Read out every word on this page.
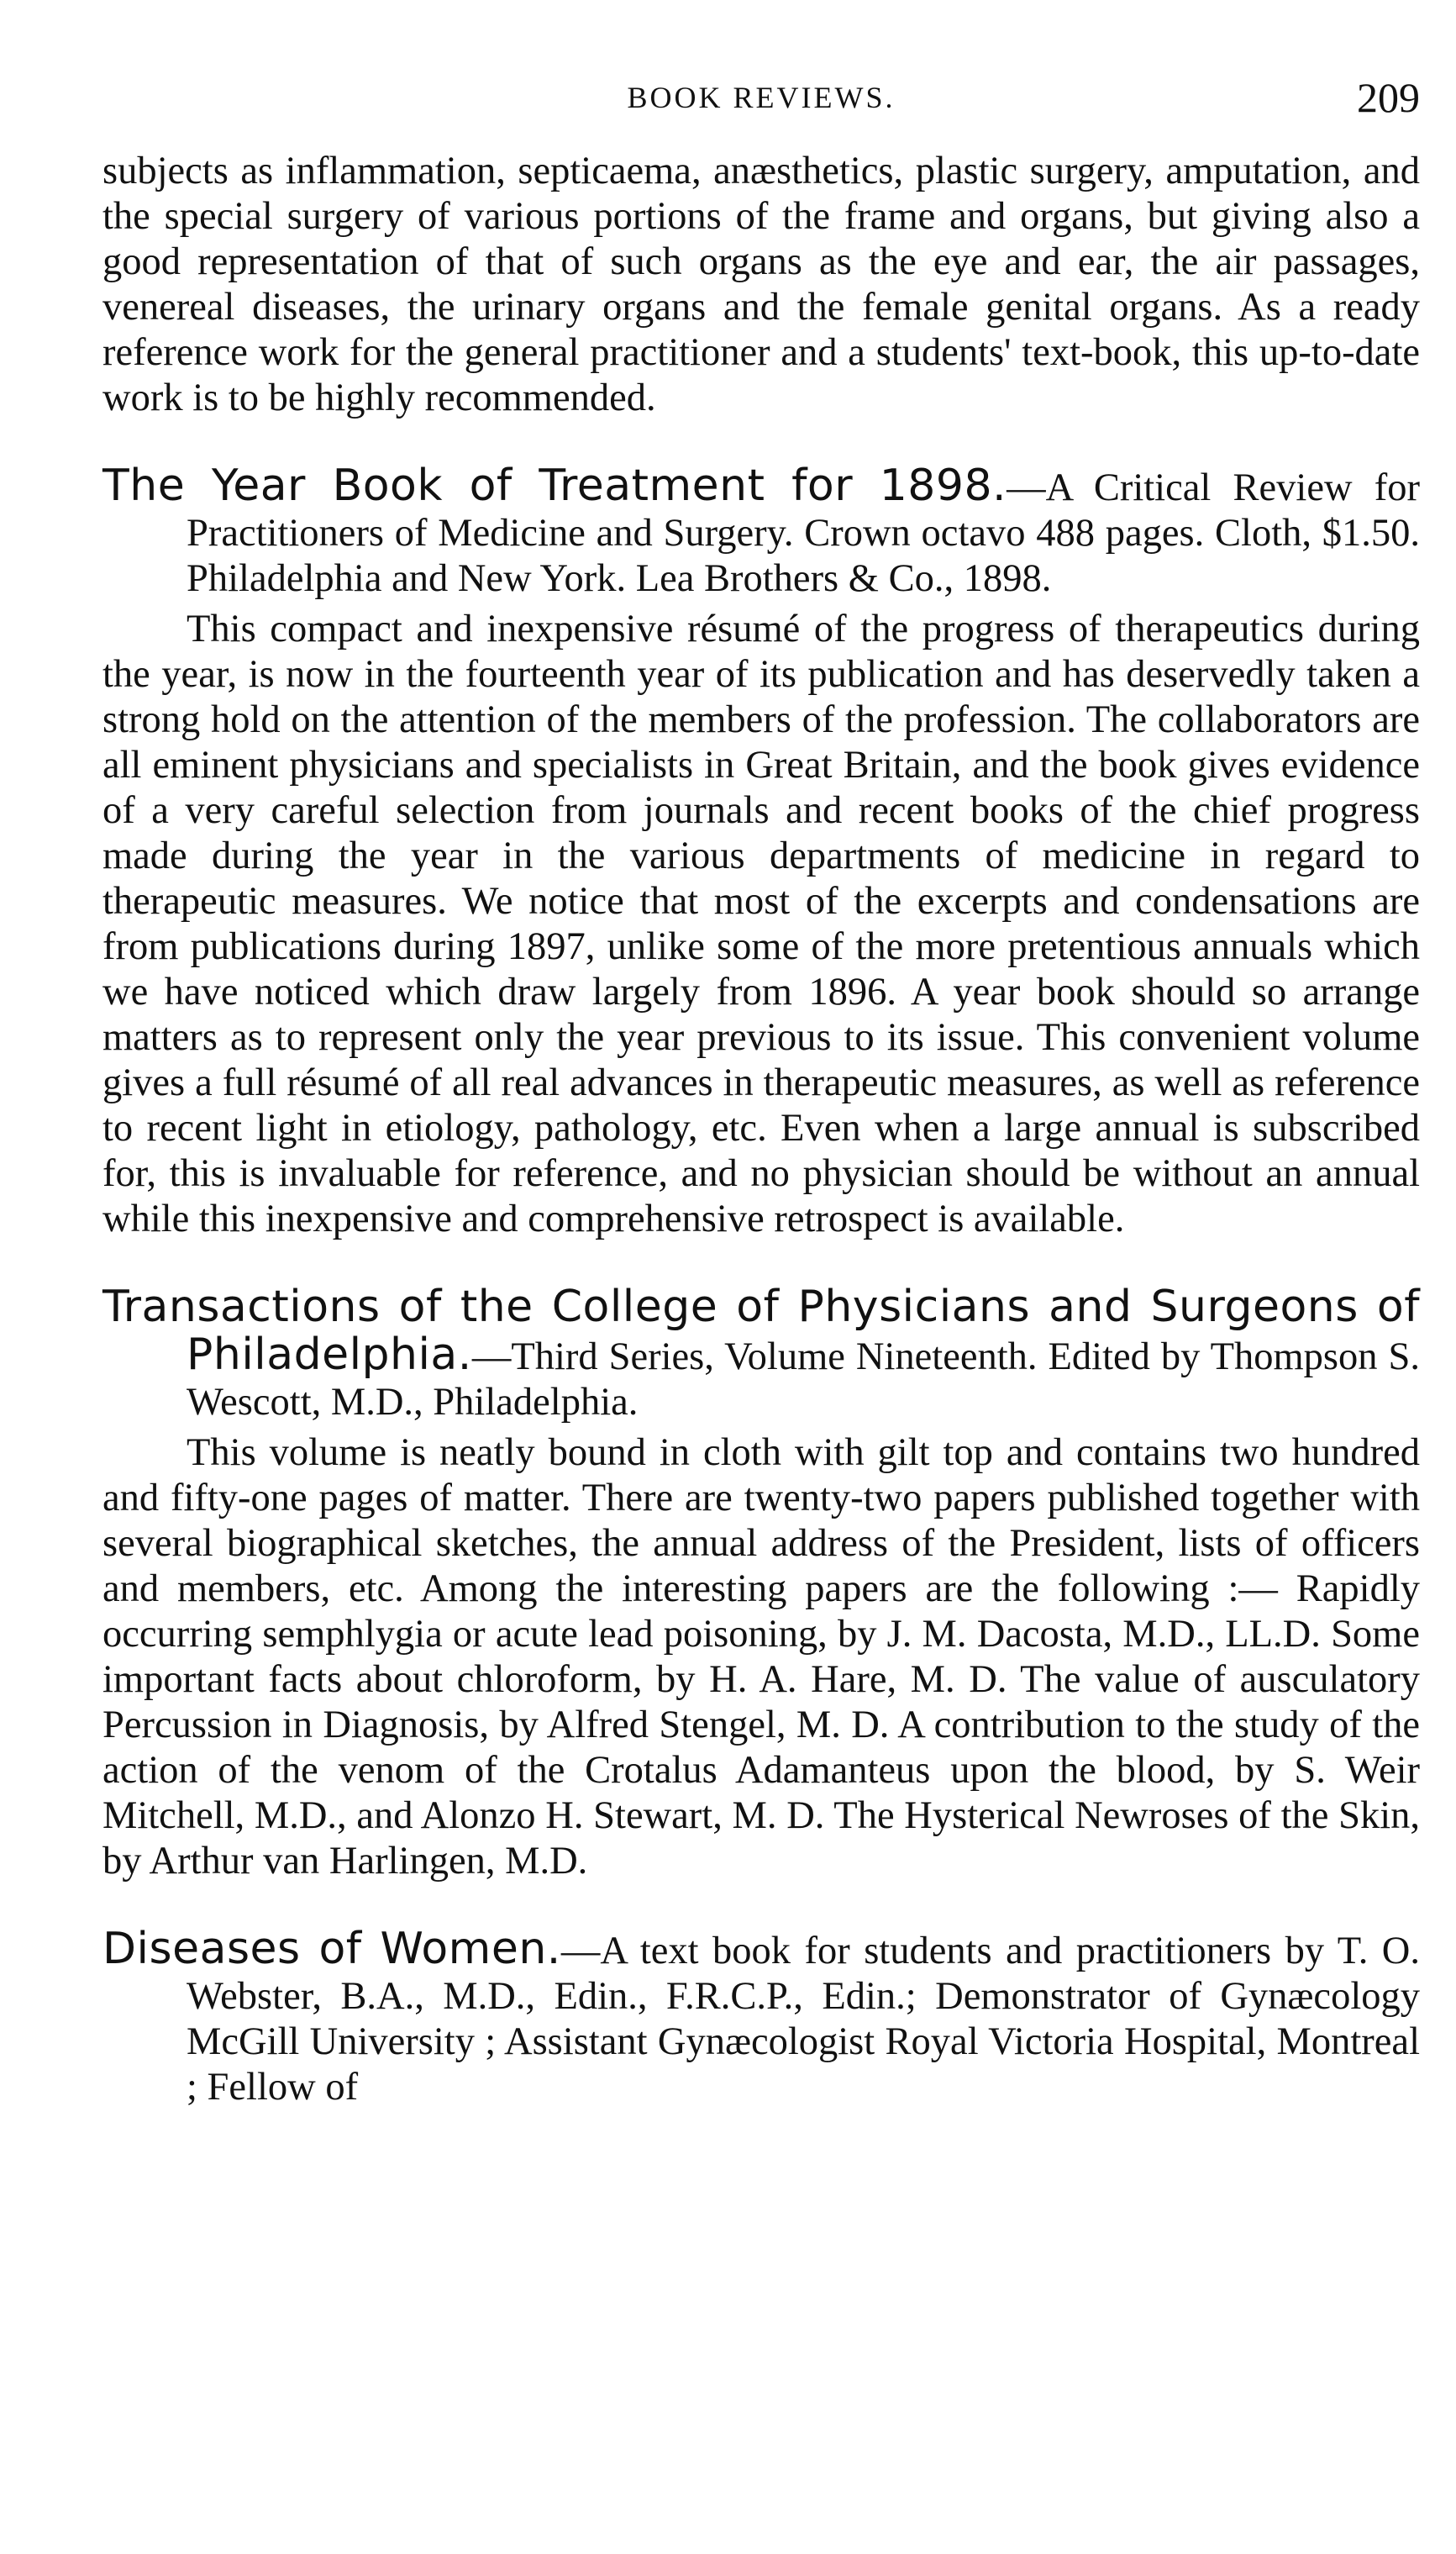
BOOK REVIEWS.	209

subjects as inflammation, septicaema, anæsthetics, plastic surgery, amputation, and the special surgery of various portions of the frame and organs, but giving also a good representation of that of such organs as the eye and ear, the air passages, venereal diseases, the urinary organs and the female genital organs. As a ready reference work for the general practitioner and a students' text-book, this up-to-date work is to be highly recommended.

The Year Book of Treatment for 1898.—A Critical Review for Practitioners of Medicine and Surgery. Crown octavo 488 pages. Cloth, $1.50. Philadelphia and New York. Lea Brothers & Co., 1898.

This compact and inexpensive résumé of the progress of therapeutics during the year, is now in the fourteenth year of its publication and has deservedly taken a strong hold on the attention of the members of the profession. The collaborators are all eminent physicians and specialists in Great Britain, and the book gives evidence of a very careful selection from journals and recent books of the chief progress made during the year in the various departments of medicine in regard to therapeutic measures. We notice that most of the excerpts and condensations are from publications during 1897, unlike some of the more pretentious annuals which we have noticed which draw largely from 1896. A year book should so arrange matters as to represent only the year previous to its issue. This convenient volume gives a full résumé of all real advances in therapeutic measures, as well as reference to recent light in etiology, pathology, etc. Even when a large annual is subscribed for, this is invaluable for reference, and no physician should be without an annual while this inexpensive and comprehensive retrospect is available.

Transactions of the College of Physicians and Surgeons of Philadelphia.—Third Series, Volume Nineteenth. Edited by Thompson S. Wescott, M.D., Philadelphia.

This volume is neatly bound in cloth with gilt top and contains two hundred and fifty-one pages of matter. There are twenty-two papers published together with several biographical sketches, the annual address of the President, lists of officers and members, etc. Among the interesting papers are the following :— Rapidly occurring semphlygia or acute lead poisoning, by J. M. Dacosta, M.D., LL.D. Some important facts about chloroform, by H. A. Hare, M. D. The value of ausculatory Percussion in Diagnosis, by Alfred Stengel, M. D. A contribution to the study of the action of the venom of the Crotalus Adamanteus upon the blood, by S. Weir Mitchell, M.D., and Alonzo H. Stewart, M. D. The Hysterical Newroses of the Skin, by Arthur van Harlingen, M.D.

Diseases of Women.—A text book for students and practitioners by T. O. Webster, B.A., M.D., Edin., F.R.C.P., Edin.; Demonstrator of Gynæcology McGill University ; Assistant Gynæcologist Royal Victoria Hospital, Montreal ; Fellow of
